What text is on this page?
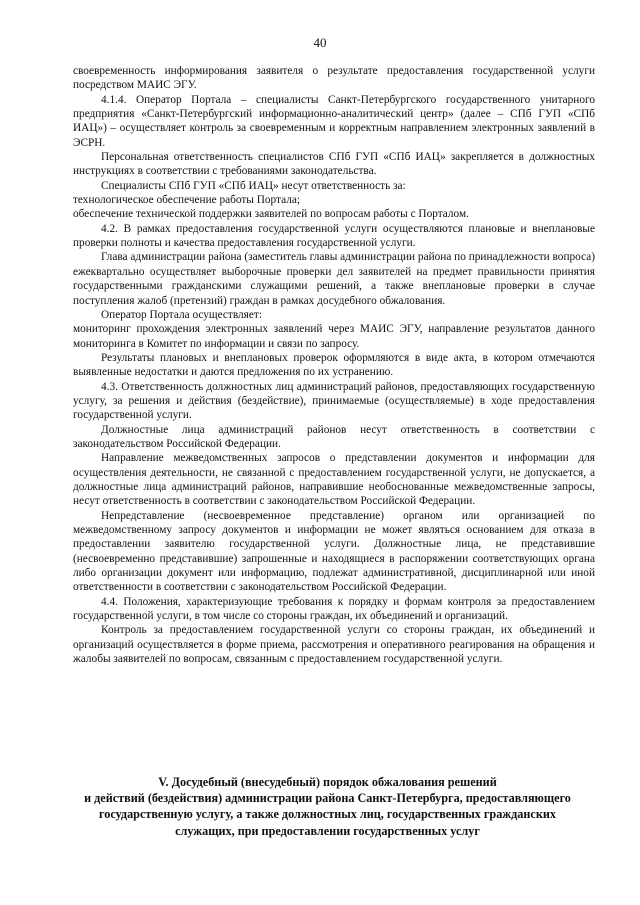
40

своевременность информирования заявителя о результате предоставления государственной услуги посредством МАИС ЭГУ.

4.1.4. Оператор Портала – специалисты Санкт-Петербургского государственного унитарного предприятия «Санкт-Петербургский информационно-аналитический центр» (далее – СПб ГУП «СПб ИАЦ») – осуществляет контроль за своевременным и корректным направлением электронных заявлений в ЭСРН.

Персональная ответственность специалистов СПб ГУП «СПб ИАЦ» закрепляется в должностных инструкциях в соответствии с требованиями законодательства.

Специалисты СПб ГУП «СПб ИАЦ» несут ответственность за:

технологическое обеспечение работы Портала;

обеспечение технической поддержки заявителей по вопросам работы с Порталом.

4.2. В рамках предоставления государственной услуги осуществляются плановые и внеплановые проверки полноты и качества предоставления государственной услуги.

Глава администрации района (заместитель главы администрации района по принадлежности вопроса) ежеквартально осуществляет выборочные проверки дел заявителей на предмет правильности принятия государственными гражданскими служащими решений, а также внеплановые проверки в случае поступления жалоб (претензий) граждан в рамках досудебного обжалования.

Оператор Портала осуществляет:

мониторинг прохождения электронных заявлений через МАИС ЭГУ, направление результатов данного мониторинга в Комитет по информации и связи по запросу.

Результаты плановых и внеплановых проверок оформляются в виде акта, в котором отмечаются выявленные недостатки и даются предложения по их устранению.

4.3. Ответственность должностных лиц администраций районов, предоставляющих государственную услугу, за решения и действия (бездействие), принимаемые (осуществляемые) в ходе предоставления государственной услуги.

Должностные лица администраций районов несут ответственность в соответствии с законодательством Российской Федерации.

Направление межведомственных запросов о представлении документов и информации для осуществления деятельности, не связанной с предоставлением государственной услуги, не допускается, а должностные лица администраций районов, направившие необоснованные межведомственные запросы, несут ответственность в соответствии с законодательством Российской Федерации.

Непредставление (несвоевременное представление) органом или организацией по межведомственному запросу документов и информации не может являться основанием для отказа в предоставлении заявителю государственной услуги. Должностные лица, не представившие (несвоевременно представившие) запрошенные и находящиеся в распоряжении соответствующих органа либо организации документ или информацию, подлежат административной, дисциплинарной или иной ответственности в соответствии с законодательством Российской Федерации.

4.4. Положения, характеризующие требования к порядку и формам контроля за предоставлением государственной услуги, в том числе со стороны граждан, их объединений и организаций.

Контроль за предоставлением государственной услуги со стороны граждан, их объединений и организаций осуществляется в форме приема, рассмотрения и оперативного реагирования на обращения и жалобы заявителей по вопросам, связанным с предоставлением государственной услуги.

V. Досудебный (внесудебный) порядок обжалования решений
и действий (бездействия) администрации района Санкт-Петербурга, предоставляющего
государственную услугу, а также должностных лиц, государственных гражданских
служащих, при предоставлении государственных услуг
